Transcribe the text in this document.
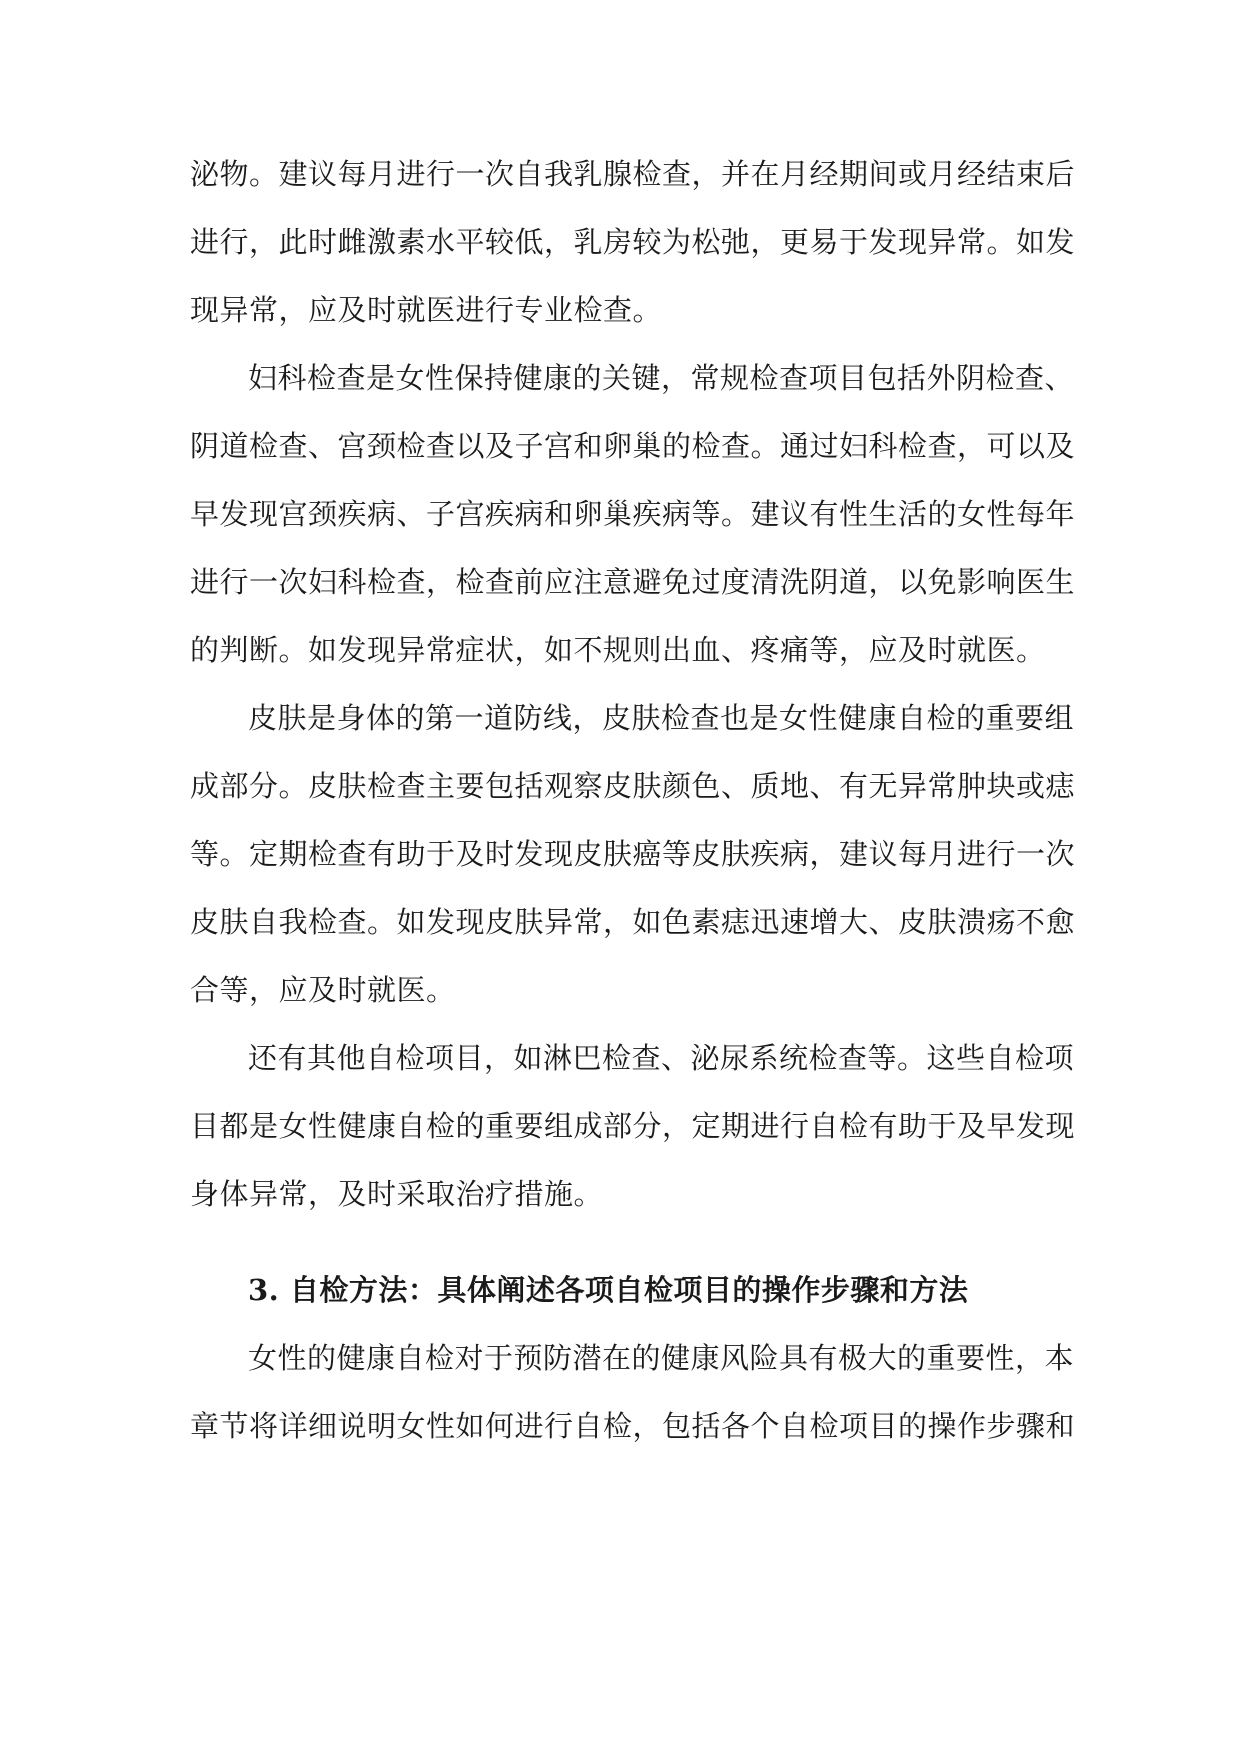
泌物。建议每月进行一次自我乳腺检查，并在月经期间或月经结束后
进行，此时雌激素水平较低，乳房较为松弛，更易于发现异常。如发
现异常，应及时就医进行专业检查。
妇科检查是女性保持健康的关键，常规检查项目包括外阴检查、
阴道检查、宫颈检查以及子宫和卵巢的检查。通过妇科检查，可以及
早发现宫颈疾病、子宫疾病和卵巢疾病等。建议有性生活的女性每年
进行一次妇科检查，检查前应注意避免过度清洗阴道，以免影响医生
的判断。如发现异常症状，如不规则出血、疼痛等，应及时就医。
皮肤是身体的第一道防线，皮肤检查也是女性健康自检的重要组
成部分。皮肤检查主要包括观察皮肤颜色、质地、有无异常肿块或痣
等。定期检查有助于及时发现皮肤癌等皮肤疾病，建议每月进行一次
皮肤自我检查。如发现皮肤异常，如色素痣迅速增大、皮肤溃疡不愈
合等，应及时就医。
还有其他自检项目，如淋巴检查、泌尿系统检查等。这些自检项
目都是女性健康自检的重要组成部分，定期进行自检有助于及早发现
身体异常，及时采取治疗措施。
3. 自检方法：具体阐述各项自检项目的操作步骤和方法
女性的健康自检对于预防潜在的健康风险具有极大的重要性，本
章节将详细说明女性如何进行自检，包括各个自检项目的操作步骤和
